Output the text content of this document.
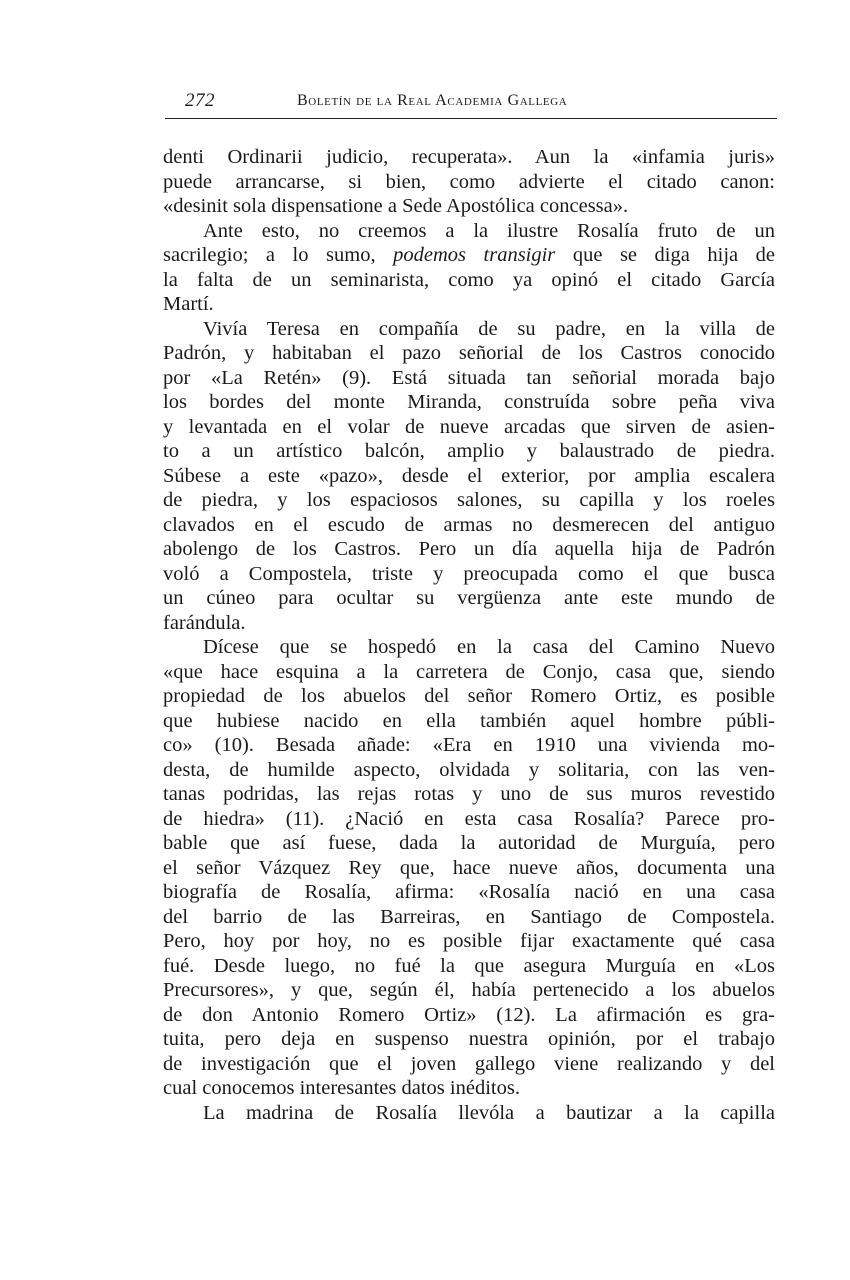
272	Boletín de la Real Academia Gallega
denti Ordinarii judicio, recuperata». Aun la «infamia juris»
puede arrancarse, si bien, como advierte el citado canon:
«desinit sola dispensatione a Sede Apostólica concessa».
Ante esto, no creemos a la ilustre Rosalía fruto de un
sacrilegio; a lo sumo, podemos transigir que se diga hija de
la falta de un seminarista, como ya opinó el citado García
Martí.
Vivía Teresa en compañía de su padre, en la villa de
Padrón, y habitaban el pazo señorial de los Castros conocido
por «La Retén» (9). Está situada tan señorial morada bajo
los bordes del monte Miranda, construída sobre peña viva
y levantada en el volar de nueve arcadas que sirven de asien-
to a un artístico balcón, amplio y balaustrado de piedra.
Súbese a este «pazo», desde el exterior, por amplia escalera
de piedra, y los espaciosos salones, su capilla y los roeles
clavados en el escudo de armas no desmerecen del antiguo
abolengo de los Castros. Pero un día aquella hija de Padrón
voló a Compostela, triste y preocupada como el que busca
un cúneo para ocultar su vergüenza ante este mundo de
farándula.
Dícese que se hospedó en la casa del Camino Nuevo
«que hace esquina a la carretera de Conjo, casa que, siendo
propiedad de los abuelos del señor Romero Ortiz, es posible
que hubiese nacido en ella también aquel hombre públi-
co» (10). Besada añade: «Era en 1910 una vivienda mo-
desta, de humilde aspecto, olvidada y solitaria, con las ven-
tanas podridas, las rejas rotas y uno de sus muros revestido
de hiedra» (11). ¿Nació en esta casa Rosalía? Parece pro-
bable que así fuese, dada la autoridad de Murguía, pero
el señor Vázquez Rey que, hace nueve años, documenta una
biografía de Rosalía, afirma: «Rosalía nació en una casa
del barrio de las Barreiras, en Santiago de Compostela.
Pero, hoy por hoy, no es posible fijar exactamente qué casa
fué. Desde luego, no fué la que asegura Murguía en «Los
Precursores», y que, según él, había pertenecido a los abuelos
de don Antonio Romero Ortiz» (12). La afirmación es gra-
tuita, pero deja en suspenso nuestra opinión, por el trabajo
de investigación que el joven gallego viene realizando y del
cual conocemos interesantes datos inéditos.
La madrina de Rosalía llevóla a bautizar a la capilla
